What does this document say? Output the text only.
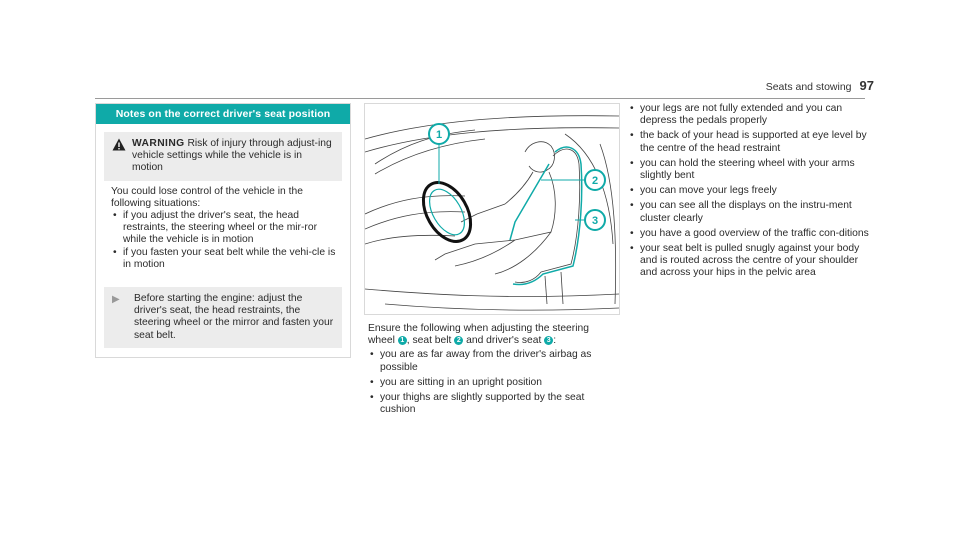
Seats and stowing 97
Notes on the correct driver's seat position
WARNING Risk of injury through adjust-ing vehicle settings while the vehicle is in motion
You could lose control of the vehicle in the following situations:
• if you adjust the driver's seat, the head restraints, the steering wheel or the mir-ror while the vehicle is in motion
• if you fasten your seat belt while the vehi-cle is in motion
▶	Before starting the engine: adjust the driver's seat, the head restraints, the steering wheel or the mirror and fasten your seat belt.
1
2
3

Ensure the following when adjusting the steering wheel 1 , seat belt 2 and driver's seat 3 :

• you are as far away from the driver's airbag as possible
• you are sitting in an upright position
• your thighs are slightly supported by the seat cushion
• your legs are not fully extended and you can depress the pedals properly
• the back of your head is supported at eye level by the centre of the head restraint
• you can hold the steering wheel with your arms slightly bent
• you can move your legs freely
• you can see all the displays on the instru-ment cluster clearly
• you have a good overview of the traffic con-ditions
• your seat belt is pulled snugly against your body and is routed across the centre of your shoulder and across your hips in the pelvic area
